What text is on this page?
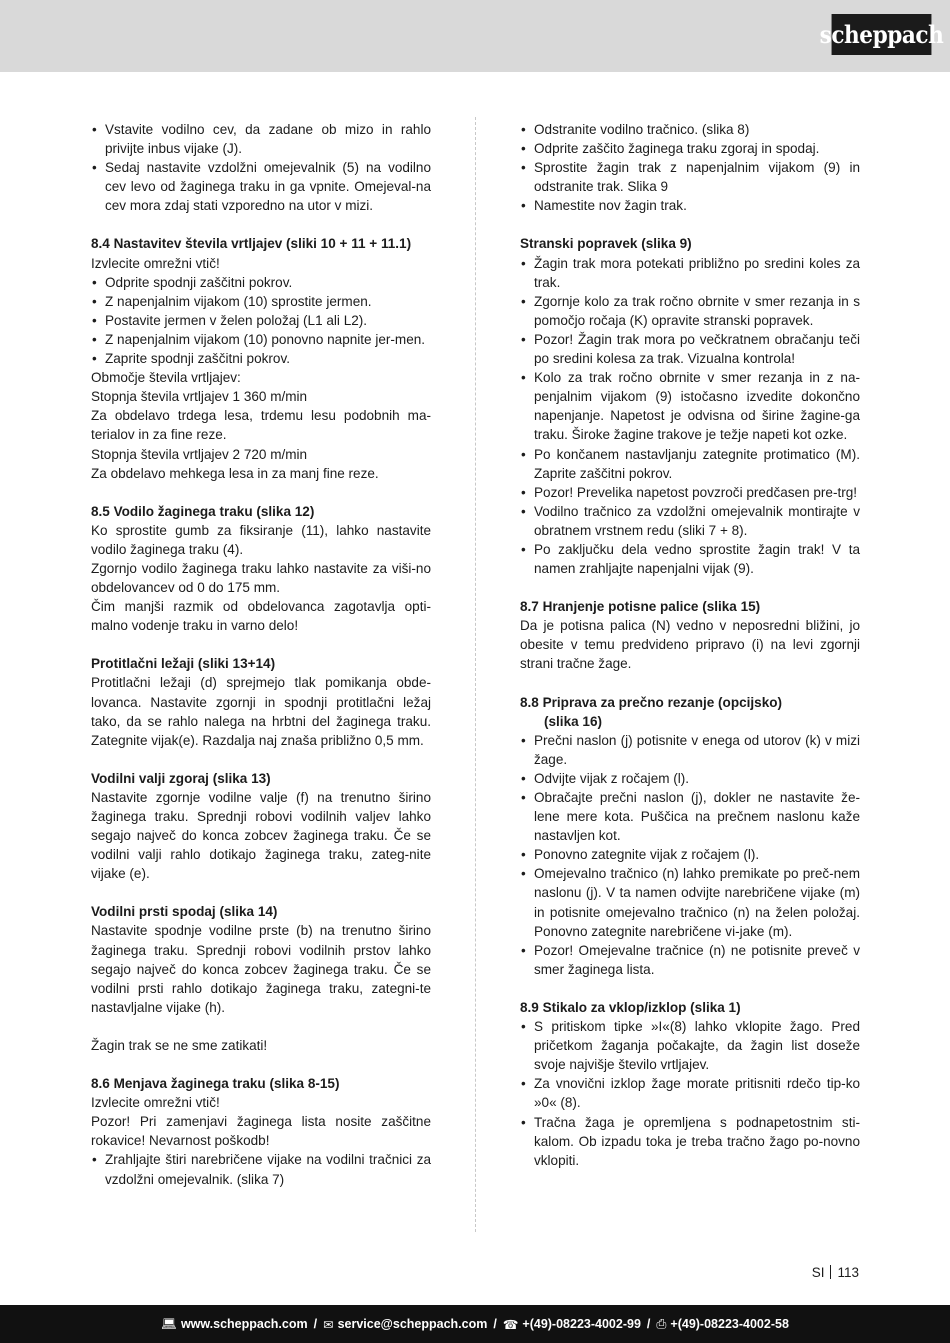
scheppach
• Vstavite vodilno cev, da zadane ob mizo in rahlo privijte inbus vijake (J).
• Sedaj nastavite vzdolžni omejevalnik (5) na vodilno cev levo od žaginega traku in ga vpnite. Omejeval-na cev mora zdaj stati vzporedno na utor v mizi.
8.4 Nastavitev števila vrtljajev (sliki 10 + 11 + 11.1)
Izvlecite omrežni vtič!
• Odprite spodnji zaščitni pokrov.
• Z napenjalnim vijakom (10) sprostite jermen.
• Postavite jermen v želen položaj (L1 ali L2).
• Z napenjalnim vijakom (10) ponovno napnite jer-men.
• Zaprite spodnji zaščitni pokrov.
Območje števila vrtljajev:
Stopnja števila vrtljajev 1 360 m/min
Za obdelavo trdega lesa, trdemu lesu podobnih ma-terialov in za fine reze.
Stopnja števila vrtljajev 2 720 m/min
Za obdelavo mehkega lesa in za manj fine reze.
8.5 Vodilo žaginega traku (slika 12)
Ko sprostite gumb za fiksiranje (11), lahko nastavite vodilo žaginega traku (4).
Zgornjo vodilo žaginega traku lahko nastavite za viši-no obdelovancev od 0 do 175 mm.
Čim manjši razmik od obdelovanca zagotavlja opti-malno vodenje traku in varno delo!
Protitlačni ležaji (sliki 13+14)
Protitlačni ležaji (d) sprejmejo tlak pomikanja obde-lovanca. Nastavite zgornji in spodnji protitlačni ležaj tako, da se rahlo nalega na hrbtni del žaginega traku. Zategnite vijak(e). Razdalja naj znaša približno 0,5 mm.
Vodilni valji zgoraj (slika 13)
Nastavite zgornje vodilne valje (f) na trenutno širino žaginega traku. Sprednji robovi vodilnih valjev lahko segajo največ do konca zobcev žaginega traku. Če se vodilni valji rahlo dotikajo žaginega traku, zateg-nite vijake (e).
Vodilni prsti spodaj (slika 14)
Nastavite spodnje vodilne prste (b) na trenutno širino žaginega traku. Sprednji robovi vodilnih prstov lahko segajo največ do konca zobcev žaginega traku. Če se vodilni prsti rahlo dotikajo žaginega traku, zategni-te nastavljalne vijake (h).
Žagin trak se ne sme zatikati!
8.6 Menjava žaginega traku (slika 8-15)
Izvlecite omrežni vtič!
Pozor! Pri zamenjavi žaginega lista nosite zaščitne rokavice! Nevarnost poškodb!
• Zrahljajte štiri narebričene vijake na vodilni tračnici za vzdolžni omejevalnik. (slika 7)
• Odstranite vodilno tračnico. (slika 8)
• Odprite zaščito žaginega traku zgoraj in spodaj.
• Sprostite žagin trak z napenjalnim vijakom (9) in odstranite trak. Slika 9
• Namestite nov žagin trak.
Stranski popravek (slika 9)
• Žagin trak mora potekati približno po sredini koles za trak.
• Zgornje kolo za trak ročno obrnite v smer rezanja in s pomočjo ročaja (K) opravite stranski popravek.
• Pozor! Žagin trak mora po večkratnem obračanju teči po sredini kolesa za trak. Vizualna kontrola!
• Kolo za trak ročno obrnite v smer rezanja in z na-penjalnim vijakom (9) istočasno izvedite dokončno napenjanje. Napetost je odvisna od širine žagine-ga traku. Široke žagine trakove je težje napeti kot ozke.
• Po končanem nastavljanju zategnite protimatico (M). Zaprite zaščitni pokrov.
• Pozor! Prevelika napetost povzroči predčasen pre-trg!
• Vodilno tračnico za vzdolžni omejevalnik montirajte v obratnem vrstnem redu (sliki 7 + 8).
• Po zaključku dela vedno sprostite žagin trak! V ta namen zrahljajte napenjalni vijak (9).
8.7 Hranjenje potisne palice (slika 15)
Da je potisna palica (N) vedno v neposredni bližini, jo obesite v temu predvideno pripravo (i) na levi zgornji strani tračne žage.
8.8 Priprava za prečno rezanje (opcijsko)
(slika 16)
• Prečni naslon (j) potisnite v enega od utorov (k) v mizi žage.
• Odvijte vijak z ročajem (l).
• Obračajte prečni naslon (j), dokler ne nastavite že-lene mere kota. Puščica na prečnem naslonu kaže nastavljen kot.
• Ponovno zategnite vijak z ročajem (l).
• Omejevalno tračnico (n) lahko premikate po preč-nem naslonu (j). V ta namen odvijte narebričene vijake (m) in potisnite omejevalno tračnico (n) na želen položaj. Ponovno zategnite narebričene vi-jake (m).
• Pozor! Omejevalne tračnice (n) ne potisnite preveč v smer žaginega lista.
8.9 Stikalo za vklop/izklop (slika 1)
• S pritiskom tipke »I«(8) lahko vklopite žago. Pred pričetkom žaganja počakajte, da žagin list doseže svoje najvišje število vrtljajev.
• Za vnovični izklop žage morate pritisniti rdečo tip-ko »0« (8).
• Tračna žaga je opremljena s podnapetostnim sti-kalom. Ob izpadu toka je treba tračno žago po-novno vklopiti.
SI 113
💻︎ www.scheppach.com / ✉︎ service@scheppach.com / ☎︎ +(49)-08223-4002-99 / ⎙ +(49)-08223-4002-58
